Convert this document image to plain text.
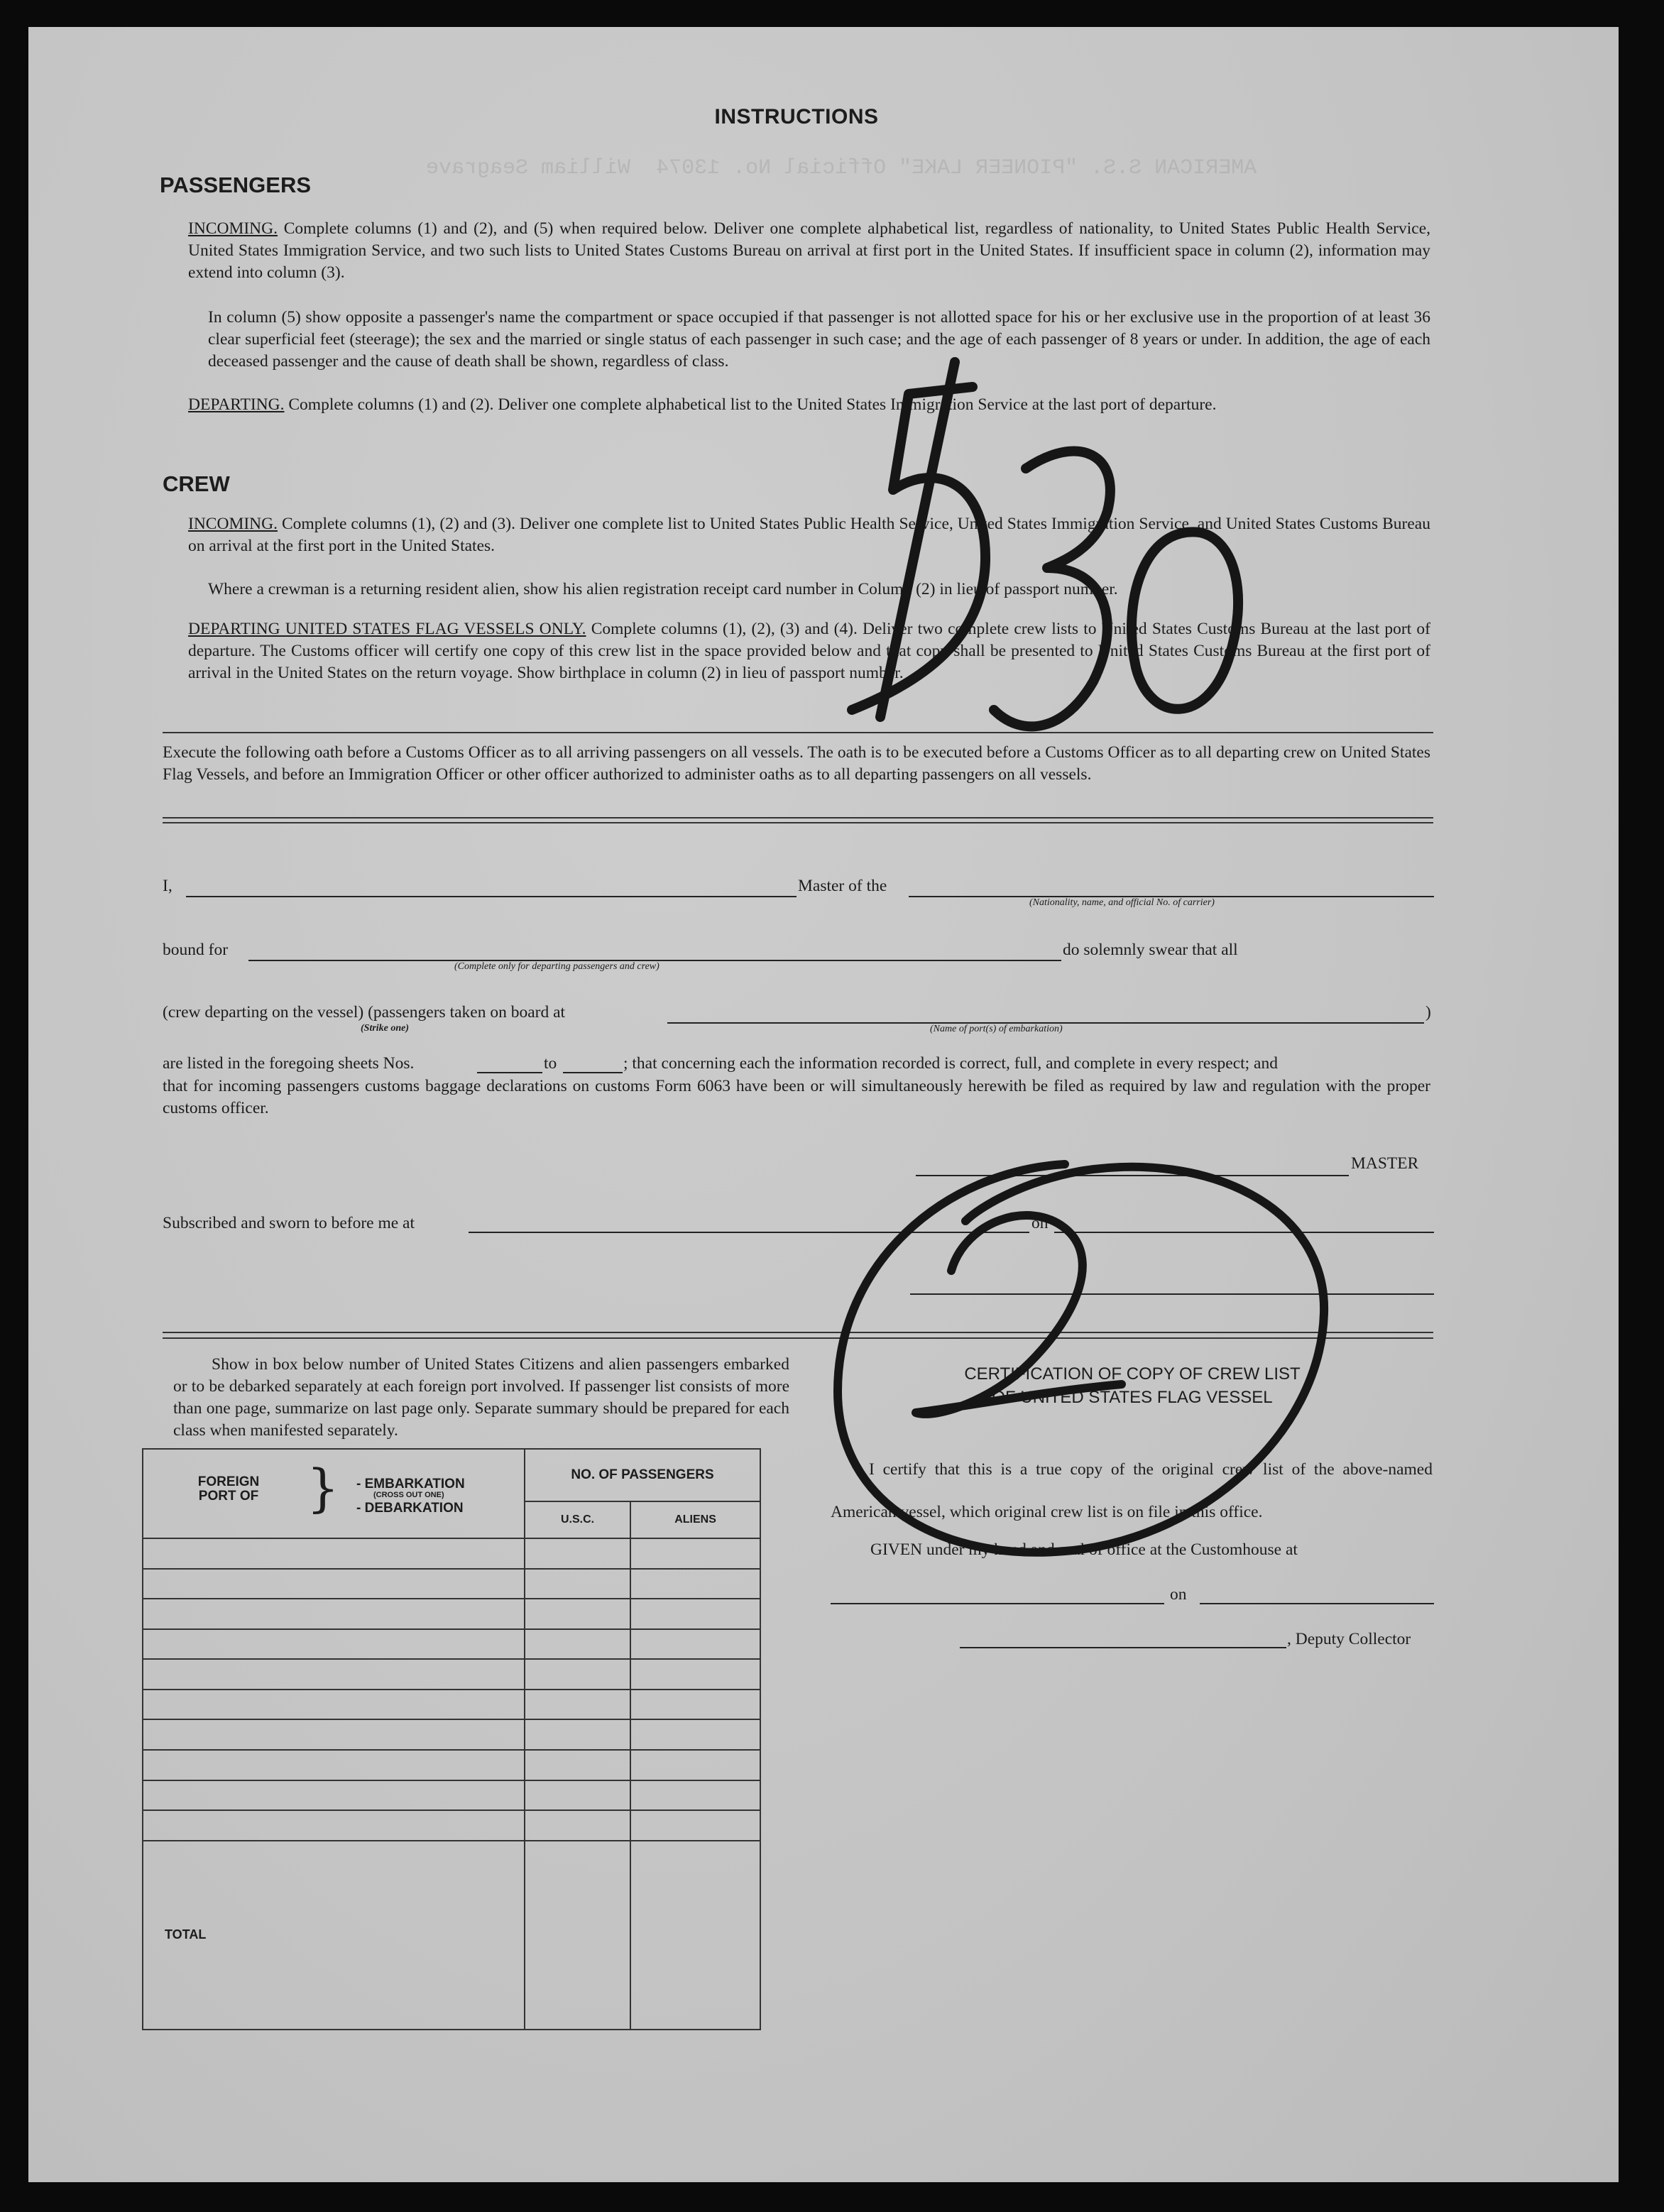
AMERICAN S.S. "PIONEER LAKE" Official No. 13074  William Seagrave
INSTRUCTIONS
PASSENGERS
INCOMING. Complete columns (1) and (2), and (5) when required below. Deliver one complete alphabetical list, regardless of nationality, to United States Public Health Service, United States Immigration Service, and two such lists to United States Customs Bureau on arrival at first port in the United States. If insufficient space in column (2), information may extend into column (3).
In column (5) show opposite a passenger's name the compartment or space occupied if that passenger is not allotted space for his or her exclusive use in the proportion of at least 36 clear superficial feet (steerage); the sex and the married or single status of each passenger in such case; and the age of each passenger of 8 years or under. In addition, the age of each deceased passenger and the cause of death shall be shown, regardless of class.
DEPARTING. Complete columns (1) and (2). Deliver one complete alphabetical list to the United States Immigration Service at the last port of departure.
CREW
INCOMING. Complete columns (1), (2) and (3). Deliver one complete list to United States Public Health Service, United States Immigration Service, and United States Customs Bureau on arrival at the first port in the United States.
Where a crewman is a returning resident alien, show his alien registration receipt card number in Column (2) in lieu of passport number.
DEPARTING UNITED STATES FLAG VESSELS ONLY. Complete columns (1), (2), (3) and (4). Deliver two complete crew lists to United States Customs Bureau at the last port of departure. The Customs officer will certify one copy of this crew list in the space provided below and that copy shall be presented to United States Customs Bureau at the first port of arrival in the United States on the return voyage. Show birthplace in column (2) in lieu of passport number.
Execute the following oath before a Customs Officer as to all arriving passengers on all vessels. The oath is to be executed before a Customs Officer as to all departing crew on United States Flag Vessels, and before an Immigration Officer or other officer authorized to administer oaths as to all departing passengers on all vessels.
I,	Master of the
(Nationality, name, and official No. of carrier)
bound for
(Complete only for departing passengers and crew)
do solemnly swear that all
(crew departing on the vessel) (passengers taken on board at
(Strike one)	(Name of port(s) of embarkation)
)
are listed in the foregoing sheets Nos.	to	; that concerning each the information recorded is correct, full, and complete in every respect; and
that for incoming passengers customs baggage declarations on customs Form 6063 have been or will simultaneously herewith be filed as required by law and regulation with the proper customs officer.
MASTER
Subscribed and sworn to before me at	on
Show in box below number of United States Citizens and alien passengers embarked or to be debarked separately at each foreign port involved. If passenger list consists of more than one page, summarize on last page only. Separate summary should be prepared for each class when manifested separately.
FOREIGN PORT OF } - EMBARKATION
(CROSS OUT ONE)
- DEBARKATION	NO. OF PASSENGERS	
	U.S.C.	ALIENS

TOTAL		
CERTIFICATION OF COPY OF CREW LIST
OF UNITED STATES FLAG VESSEL
I certify that this is a true copy of the original crew list of the above-named American vessel, which original crew list is on file in this office.
GIVEN under my hand and seal of office at the Customhouse at
on
, Deputy Collector
